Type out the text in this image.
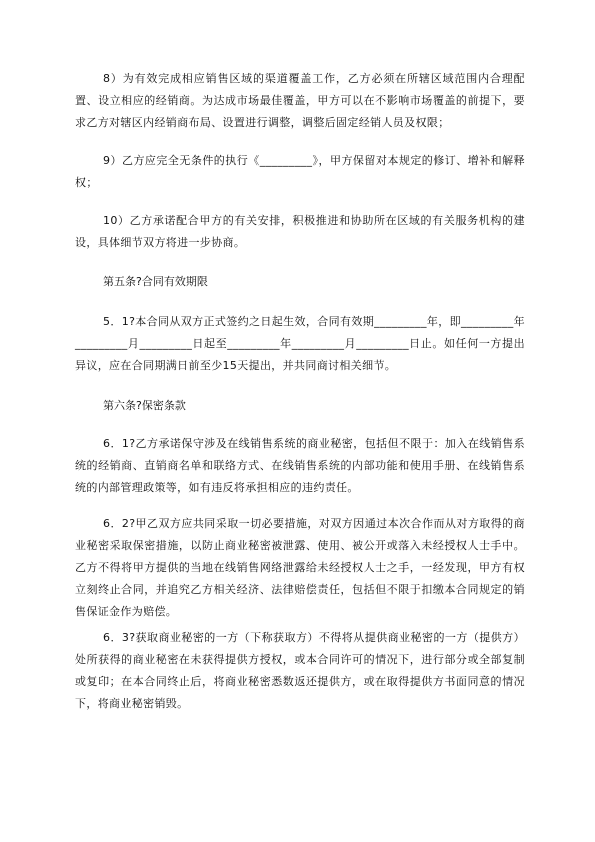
8）为有效完成相应销售区域的渠道覆盖工作，乙方必须在所辖区域范围内合理配置、设立相应的经销商。为达成市场最佳覆盖，甲方可以在不影响市场覆盖的前提下，要求乙方对辖区内经销商布局、设置进行调整，调整后固定经销人员及权限；

9）乙方应完全无条件的执行《_________》，甲方保留对本规定的修订、增补和解释权；

10）乙方承诺配合甲方的有关安排，积极推进和协助所在区域的有关服务机构的建设，具体细节双方将进一步协商。

第五条?合同有效期限

5．1?本合同从双方正式签约之日起生效，合同有效期_________年，即_________年_________月_________日起至_________年_________月_________日止。如任何一方提出异议，应在合同期满日前至少15天提出，并共同商讨相关细节。

第六条?保密条款

6．1?乙方承诺保守涉及在线销售系统的商业秘密，包括但不限于：加入在线销售系统的经销商、直销商名单和联络方式、在线销售系统的内部功能和使用手册、在线销售系统的内部管理政策等，如有违反将承担相应的违约责任。

6．2?甲乙双方应共同采取一切必要措施，对双方因通过本次合作而从对方取得的商业秘密采取保密措施，以防止商业秘密被泄露、使用、被公开或落入未经授权人士手中。乙方不得将甲方提供的当地在线销售网络泄露给未经授权人士之手，一经发现，甲方有权立刻终止合同，并追究乙方相关经济、法律赔偿责任，包括但不限于扣缴本合同规定的销售保证金作为赔偿。

6．3?获取商业秘密的一方（下称获取方）不得将从提供商业秘密的一方（提供方）处所获得的商业秘密在未获得提供方授权，或本合同许可的情况下，进行部分或全部复制或复印；在本合同终止后，将商业秘密悉数返还提供方，或在取得提供方书面同意的情况下，将商业秘密销毁。
